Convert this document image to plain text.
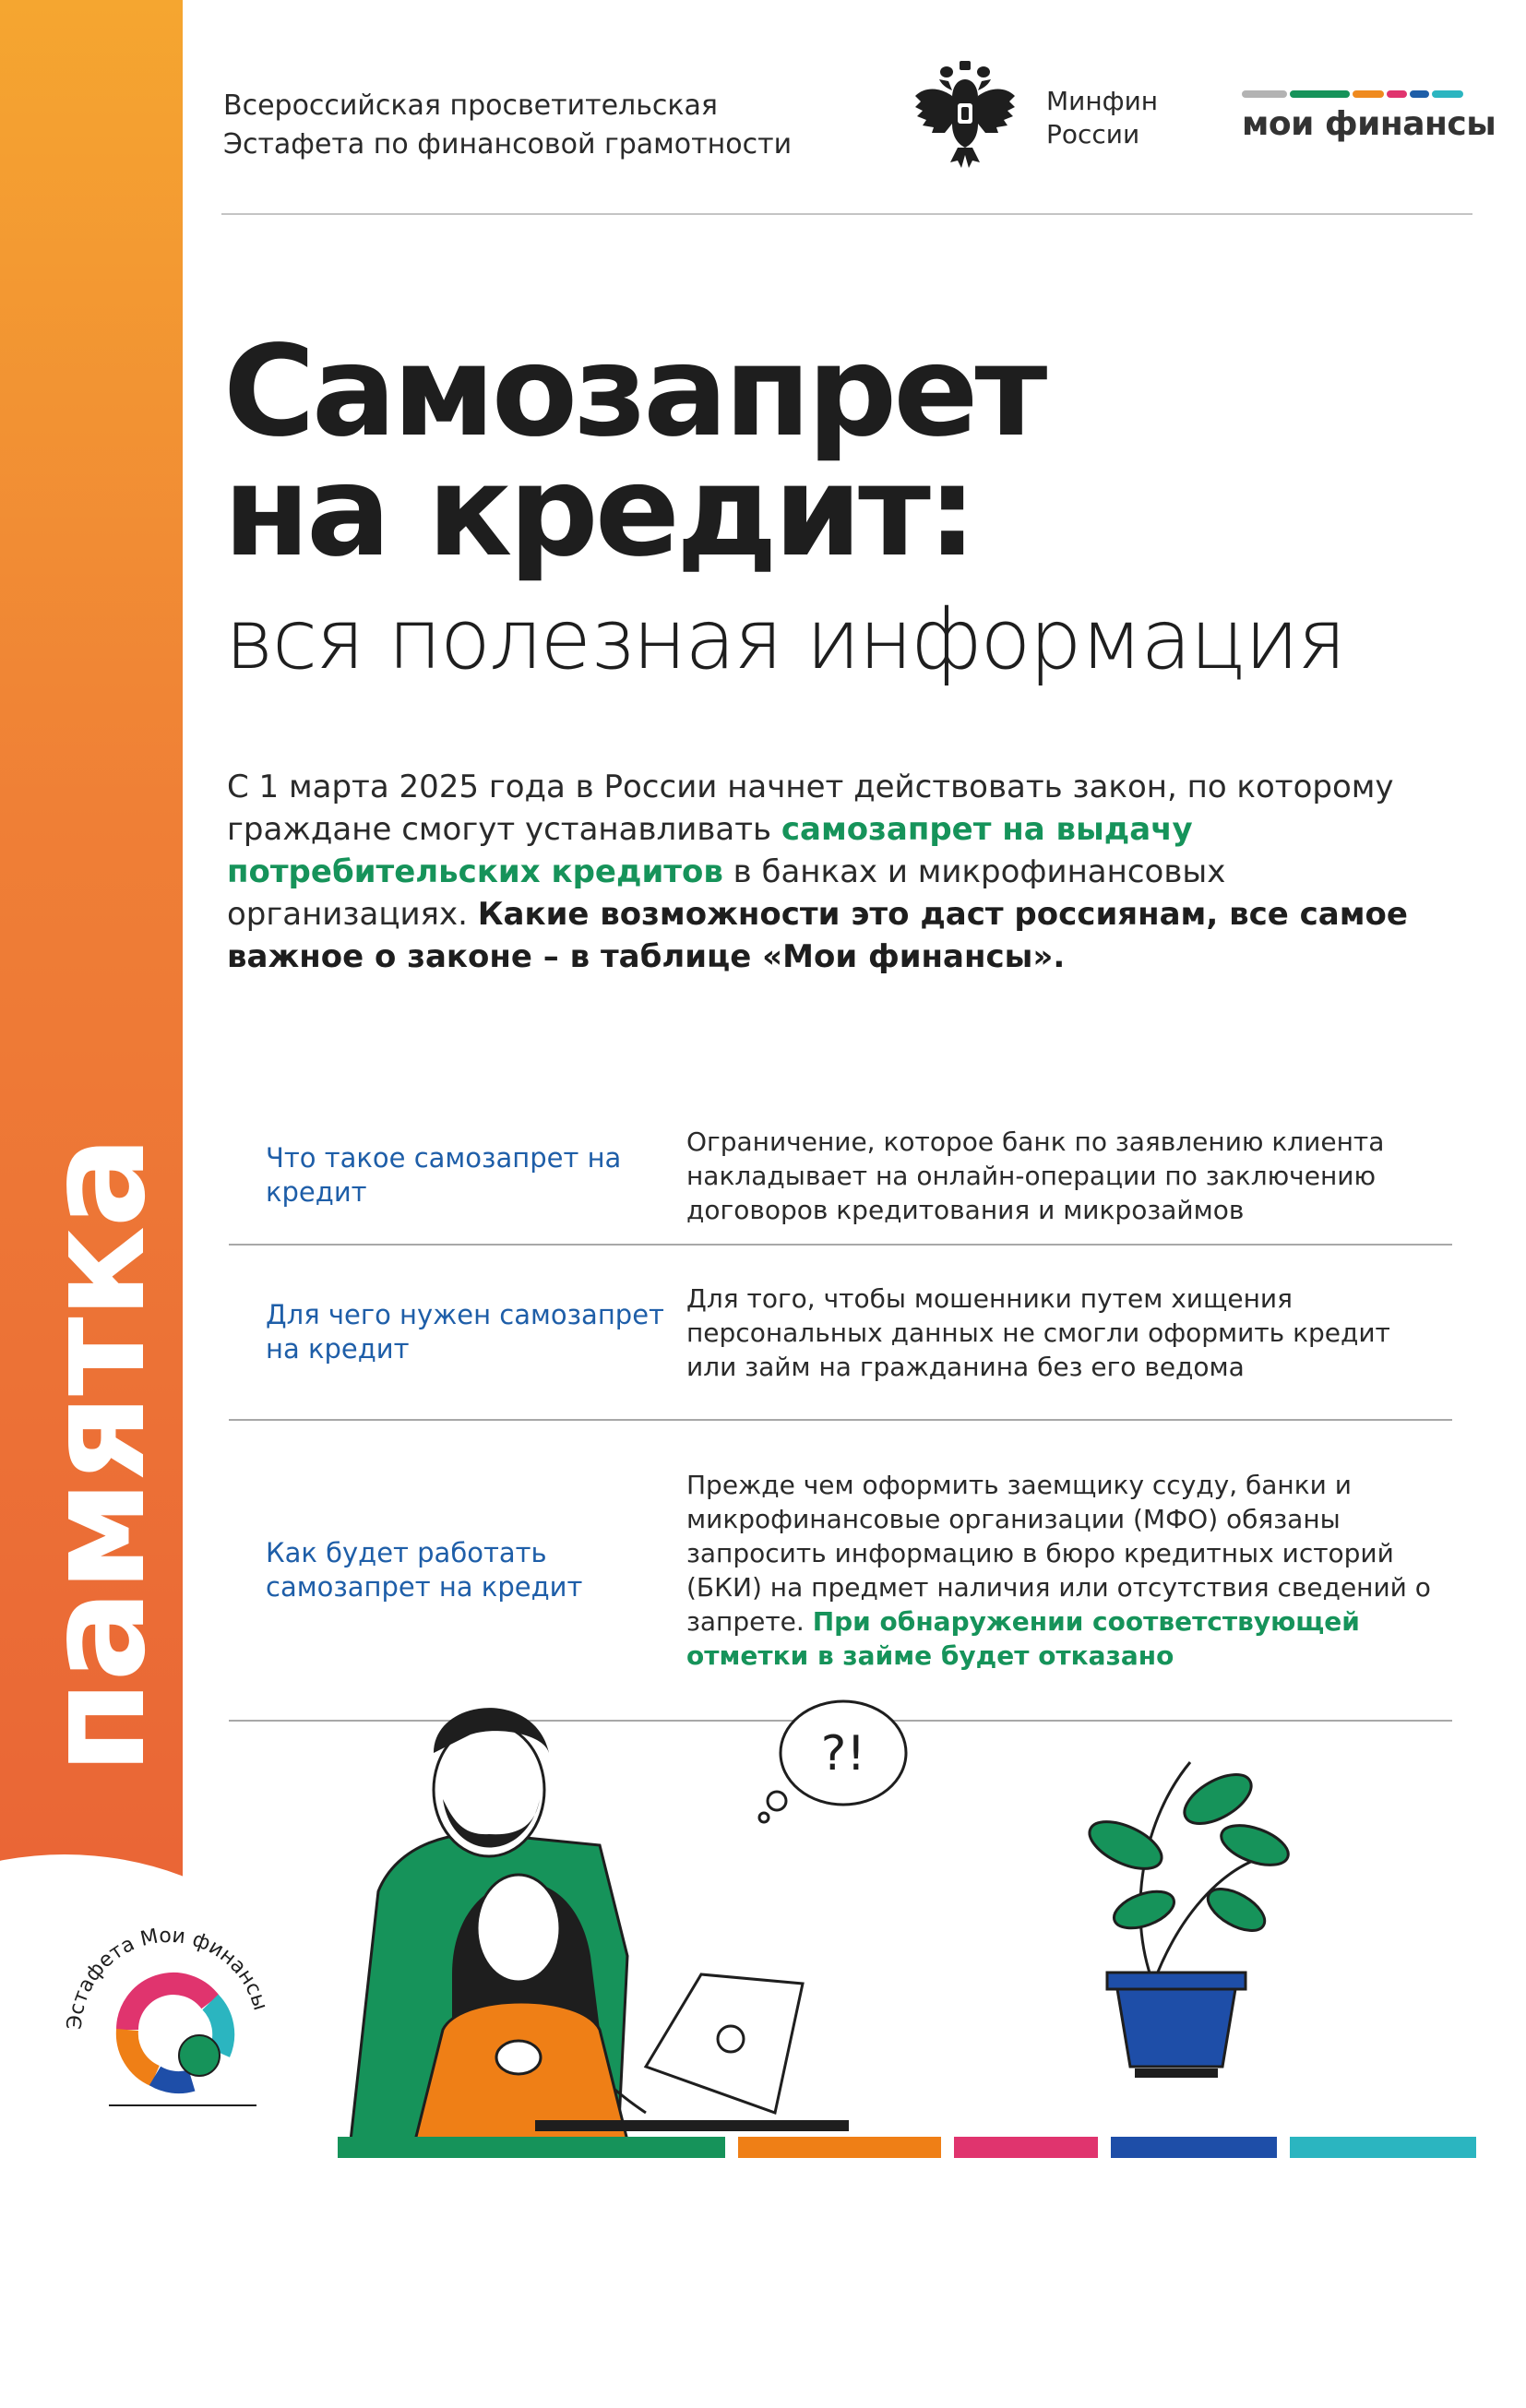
памятка
Всероссийская просветительская
Эстафета по финансовой грамотности
Минфин
России	мои финансы
Самозапрет
на кредит:
вся полезная информация
С 1 марта 2025 года в России начнет действовать закон, по которому граждане смогут устанавливать самозапрет на выдачу потребительских кредитов в банках и микрофинансовых организациях. Какие возможности это даст россиянам, все самое важное о законе – в таблице «Мои финансы».
Что такое самозапрет на кредит
Ограничение, которое банк по заявлению клиента накладывает на онлайн-операции по заключению договоров кредитования и микрозаймов
Для чего нужен самозапрет на кредит
Для того, чтобы мошенники путем хищения персональных данных не смогли оформить кредит или займ на гражданина без его ведома
Как будет работать самозапрет на кредит
Прежде чем оформить заемщику ссуду, банки и микрофинансовые организации (МФО) обязаны запросить информацию в бюро кредитных историй (БКИ) на предмет наличия или отсутствия сведений о запрете. При обнаружении соответствующей отметки в займе будет отказано
?!
Эстафета Мои финансы
